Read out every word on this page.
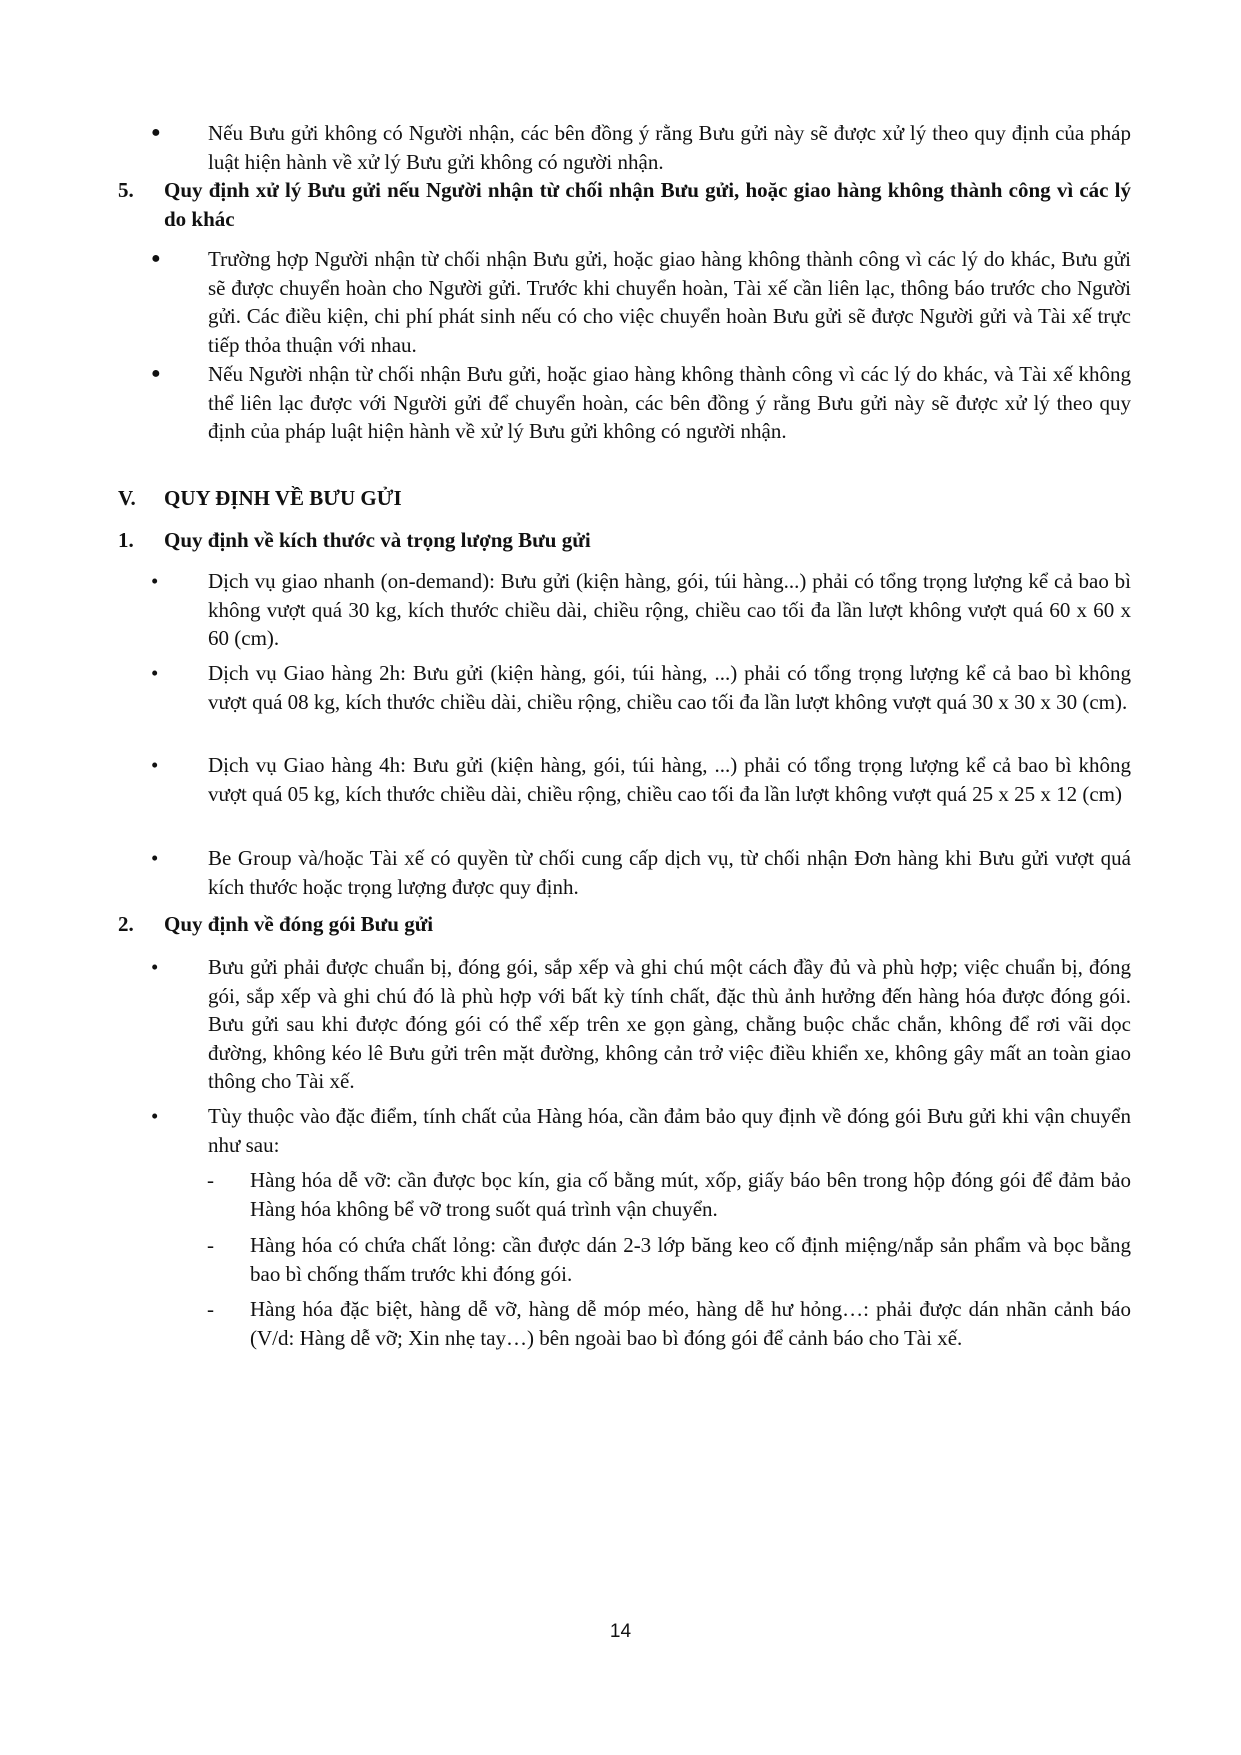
●	Nếu Bưu gửi không có Người nhận, các bên đồng ý rằng Bưu gửi này sẽ được xử lý theo quy định của pháp luật hiện hành về xử lý Bưu gửi không có người nhận.
5. Quy định xử lý Bưu gửi nếu Người nhận từ chối nhận Bưu gửi, hoặc giao hàng không thành công vì các lý do khác
●	Trường hợp Người nhận từ chối nhận Bưu gửi, hoặc giao hàng không thành công vì các lý do khác, Bưu gửi sẽ được chuyển hoàn cho Người gửi. Trước khi chuyển hoàn, Tài xế cần liên lạc, thông báo trước cho Người gửi. Các điều kiện, chi phí phát sinh nếu có cho việc chuyển hoàn Bưu gửi sẽ được Người gửi và Tài xế trực tiếp thỏa thuận với nhau.
●	Nếu Người nhận từ chối nhận Bưu gửi, hoặc giao hàng không thành công vì các lý do khác, và Tài xế không thể liên lạc được với Người gửi để chuyển hoàn, các bên đồng ý rằng Bưu gửi này sẽ được xử lý theo quy định của pháp luật hiện hành về xử lý Bưu gửi không có người nhận.
V. QUY ĐỊNH VỀ BƯU GỬI
1. Quy định về kích thước và trọng lượng Bưu gửi
•	Dịch vụ giao nhanh (on-demand): Bưu gửi (kiện hàng, gói, túi hàng...) phải có tổng trọng lượng kể cả bao bì không vượt quá 30 kg, kích thước chiều dài, chiều rộng, chiều cao tối đa lần lượt không vượt quá 60 x 60 x 60 (cm).
•	Dịch vụ Giao hàng 2h: Bưu gửi (kiện hàng, gói, túi hàng, ...) phải có tổng trọng lượng kể cả bao bì không vượt quá 08 kg, kích thước chiều dài, chiều rộng, chiều cao tối đa lần lượt không vượt quá 30 x 30 x 30 (cm).
•	Dịch vụ Giao hàng 4h: Bưu gửi (kiện hàng, gói, túi hàng, ...) phải có tổng trọng lượng kể cả bao bì không vượt quá 05 kg, kích thước chiều dài, chiều rộng, chiều cao tối đa lần lượt không vượt quá 25 x 25 x 12 (cm)
•	Be Group và/hoặc Tài xế có quyền từ chối cung cấp dịch vụ, từ chối nhận Đơn hàng khi Bưu gửi vượt quá kích thước hoặc trọng lượng được quy định.
2. Quy định về đóng gói Bưu gửi
•	Bưu gửi phải được chuẩn bị, đóng gói, sắp xếp và ghi chú một cách đầy đủ và phù hợp; việc chuẩn bị, đóng gói, sắp xếp và ghi chú đó là phù hợp với bất kỳ tính chất, đặc thù ảnh hưởng đến hàng hóa được đóng gói. Bưu gửi sau khi được đóng gói có thể xếp trên xe gọn gàng, chằng buộc chắc chắn, không để rơi vãi dọc đường, không kéo lê Bưu gửi trên mặt đường, không cản trở việc điều khiển xe, không gây mất an toàn giao thông cho Tài xế.
•	Tùy thuộc vào đặc điểm, tính chất của Hàng hóa, cần đảm bảo quy định về đóng gói Bưu gửi khi vận chuyển như sau:
-	Hàng hóa dễ vỡ: cần được bọc kín, gia cố bằng mút, xốp, giấy báo bên trong hộp đóng gói để đảm bảo Hàng hóa không bể vỡ trong suốt quá trình vận chuyển.
-	Hàng hóa có chứa chất lỏng: cần được dán 2-3 lớp băng keo cố định miệng/nắp sản phẩm và bọc bằng bao bì chống thấm trước khi đóng gói.
-	Hàng hóa đặc biệt, hàng dễ vỡ, hàng dễ móp méo, hàng dễ hư hỏng…: phải được dán nhãn cảnh báo (V/d: Hàng dễ vỡ; Xin nhẹ tay…) bên ngoài bao bì đóng gói để cảnh báo cho Tài xế.
14
